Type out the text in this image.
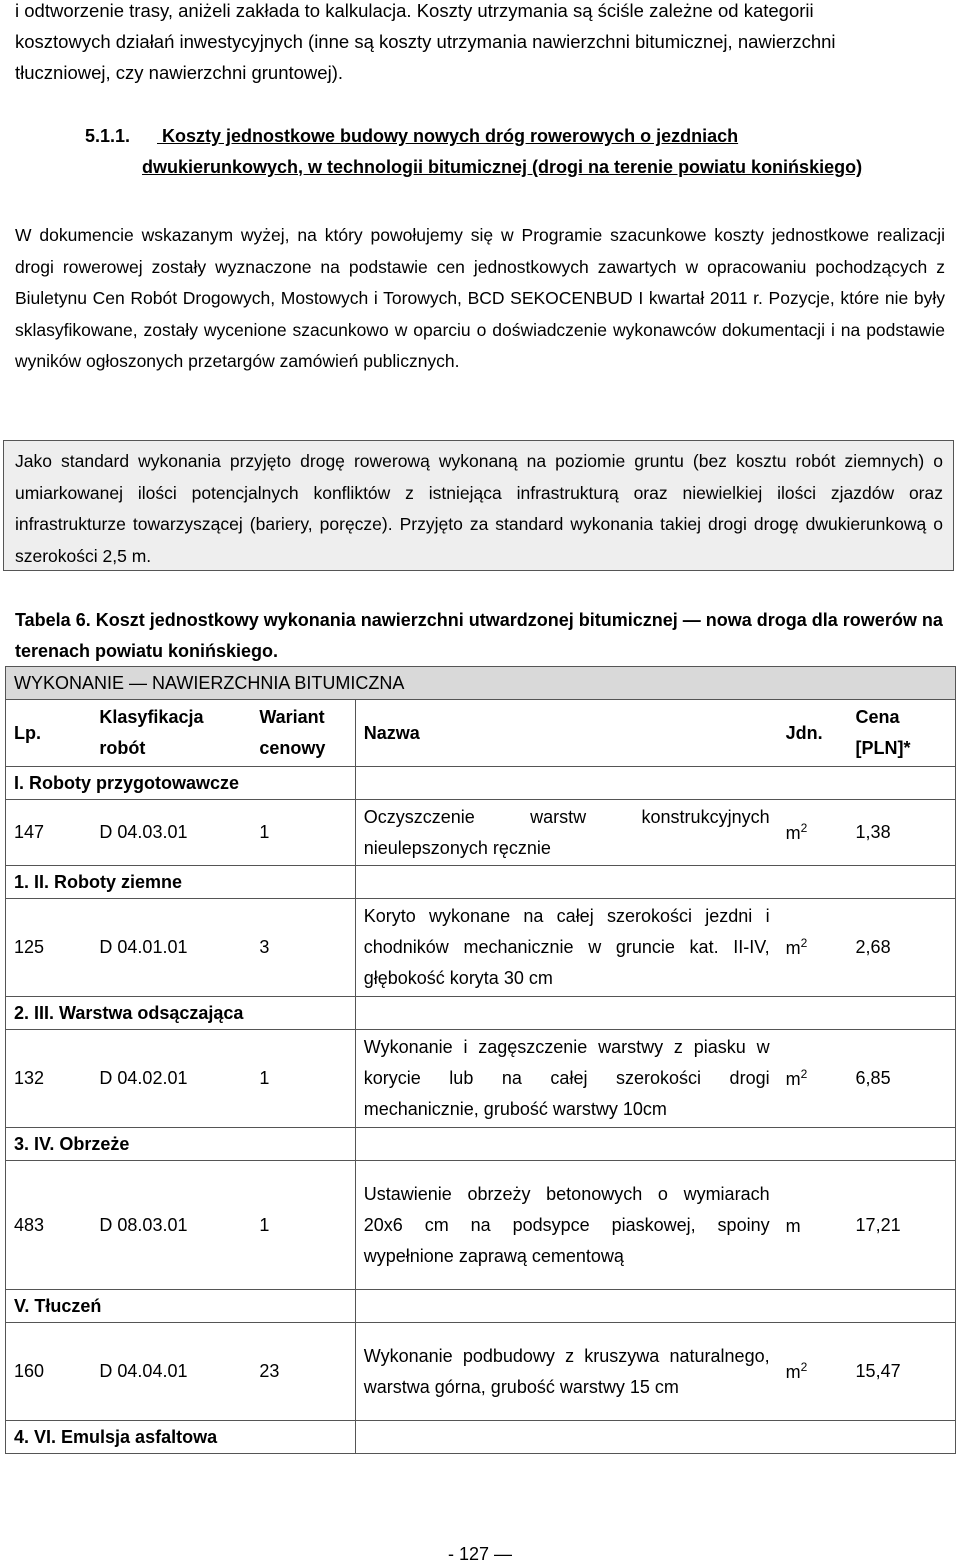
i odtworzenie trasy, aniżeli zakłada to kalkulacja. Koszty utrzymania są ściśle zależne od kategorii
kosztowych działań inwestycyjnych (inne są koszty utrzymania nawierzchni bitumicznej, nawierzchni
tłuczniowej, czy nawierzchni gruntowej).
5.1.1. Koszty jednostkowe budowy nowych dróg rowerowych o jezdniach
dwukierunkowych, w technologii bitumicznej (drogi na terenie powiatu konińskiego)

W dokumencie wskazanym wyżej, na który powołujemy się w Programie szacunkowe koszty jednostkowe realizacji drogi rowerowej zostały wyznaczone na podstawie cen jednostkowych zawartych w opracowaniu pochodzących z Biuletynu Cen Robót Drogowych, Mostowych i Torowych, BCD SEKOCENBUD I kwartał 2011 r. Pozycje, które nie były sklasyfikowane, zostały wycenione szacunkowo w oparciu o doświadczenie wykonawców dokumentacji i na podstawie wyników ogłoszonych przetargów zamówień publicznych.

Jako standard wykonania przyjęto drogę rowerową wykonaną na poziomie gruntu (bez kosztu robót ziemnych) o umiarkowanej ilości potencjalnych konfliktów z istniejąca infrastrukturą oraz niewielkiej ilości zjazdów oraz infrastrukturze towarzyszącej (bariery, poręcze). Przyjęto za standard wykonania takiej drogi drogę dwukierunkową o szerokości 2,5 m.

Tabela 6. Koszt jednostkowy wykonania nawierzchni utwardzonej bitumicznej — nowa droga dla rowerów na terenach powiatu konińskiego.
WYKONANIE — NAWIERZCHNIA BITUMICZNA					
Lp.	Klasyfikacja robót	Wariant cenowy	Nazwa	Jdn.	Cena [PLN]*
I. Roboty przygotowawcze					
147	D 04.03.01	1	Oczyszczenie warstw konstrukcyjnych nieulepszonych ręcznie	$m^2$	1,38
1. II. Roboty ziemne					
125	D 04.01.01	3	Koryto wykonane na całej szerokości jezdni i chodników mechanicznie w gruncie kat. II-IV, głębokość koryta 30 cm	$m^2$	2,68
2. III. Warstwa odsączająca					
132	D 04.02.01	1	Wykonanie i zagęszczenie warstwy z piasku w korycie lub na całej szerokości drogi mechanicznie, grubość warstwy 10cm	$m^2$	6,85
3. IV. Obrzeże					
483	D 08.03.01	1	Ustawienie obrzeży betonowych o wymiarach 20x6 cm na podsypce piaskowej, spoiny wypełnione zaprawą cementową	m	17,21
V. Tłuczeń					
160	D 04.04.01	23	Wykonanie podbudowy z kruszywa naturalnego, warstwa górna, grubość warstwy 15 cm	$m^2$	15,47
4. VI. Emulsja asfaltowa					
- 127 —
